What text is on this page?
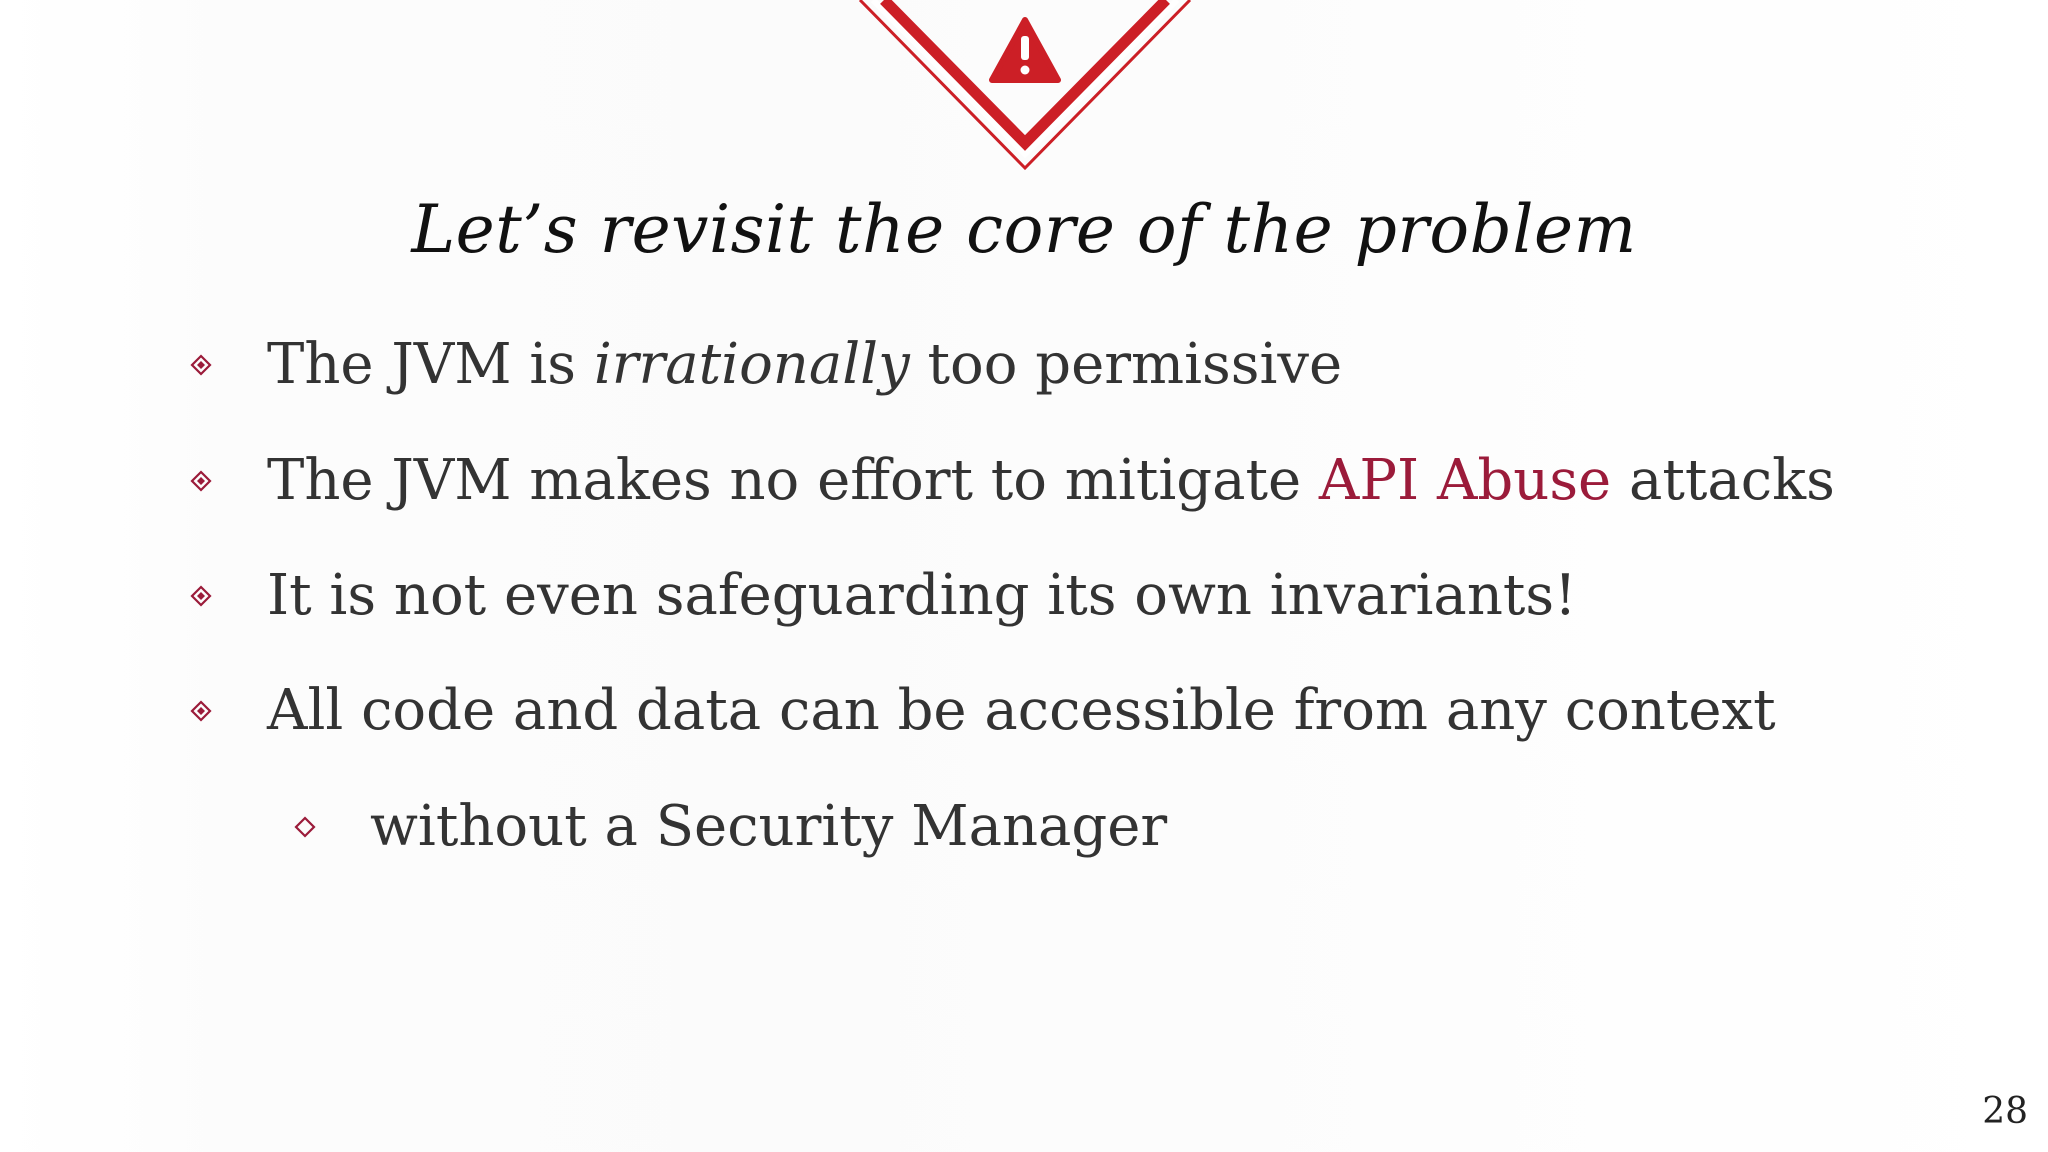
Let’s revisit the core of the problem
The JVM is irrationally too permissive
The JVM makes no effort to mitigate API Abuse attacks
It is not even safeguarding its own invariants!
All code and data can be accessible from any context
without a Security Manager
28
